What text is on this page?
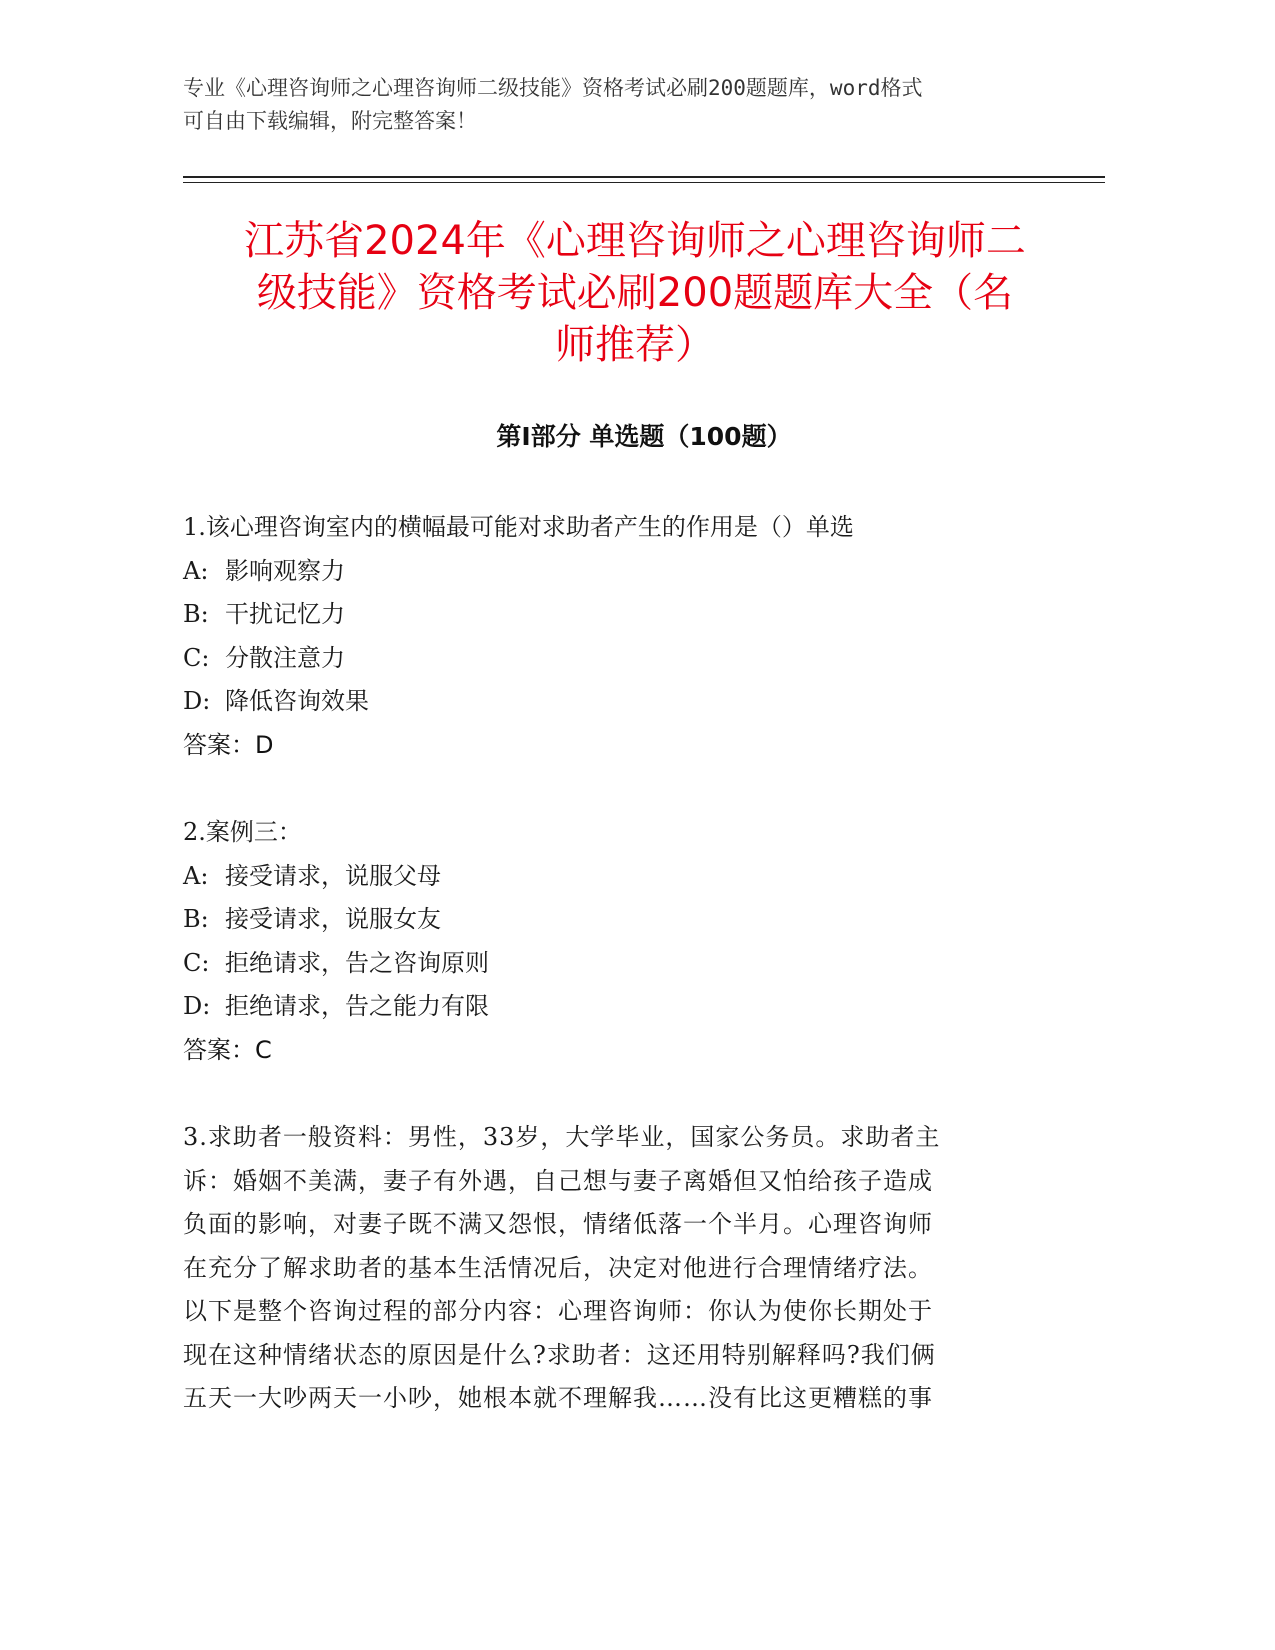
专业《心理咨询师之心理咨询师二级技能》资格考试必刷200题题库，word格式
可自由下载编辑，附完整答案！
江苏省2024年《心理咨询师之心理咨询师二
级技能》资格考试必刷200题题库大全（名
师推荐）
第Ⅰ部分 单选题（100题）
1.该心理咨询室内的横幅最可能对求助者产生的作用是（）单选
A: 影响观察力
B: 干扰记忆力
C: 分散注意力
D: 降低咨询效果
答案：D
2.案例三：
A: 接受请求，说服父母
B: 接受请求，说服女友
C: 拒绝请求，告之咨询原则
D: 拒绝请求，告之能力有限
答案：C
3.求助者一般资料：男性，33岁，大学毕业，国家公务员。求助者主
诉：婚姻不美满，妻子有外遇，自己想与妻子离婚但又怕给孩子造成
负面的影响，对妻子既不满又怨恨，情绪低落一个半月。心理咨询师
在充分了解求助者的基本生活情况后，决定对他进行合理情绪疗法。
以下是整个咨询过程的部分内容：心理咨询师：你认为使你长期处于
现在这种情绪状态的原因是什么?求助者：这还用特别解释吗?我们俩
五天一大吵两天一小吵，她根本就不理解我……没有比这更糟糕的事
